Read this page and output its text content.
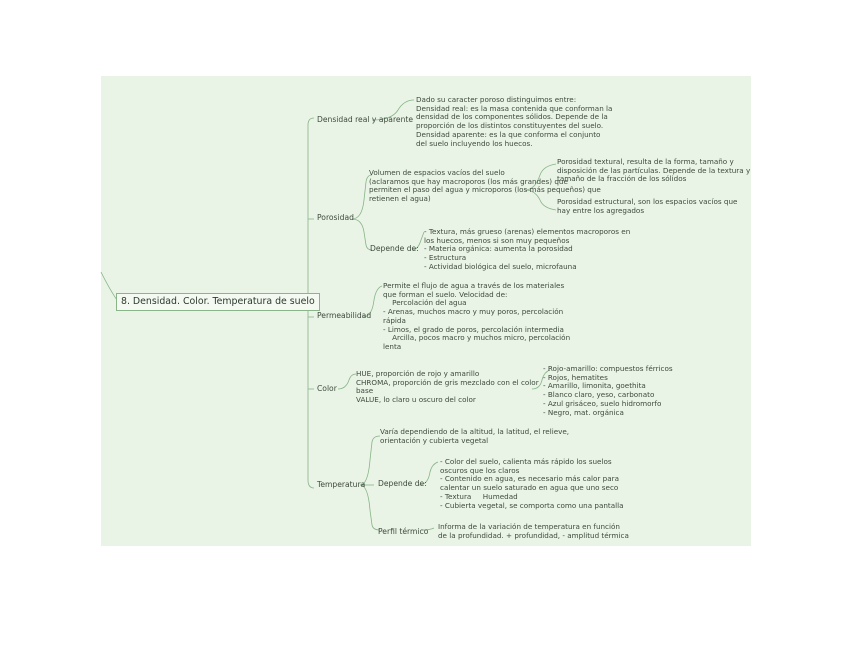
8. Densidad. Color. Temperatura de suelo
Densidad real y aparente
Dado su caracter poroso distinguimos entre:
Densidad real: es la masa contenida que conforman la
densidad de los componentes sólidos. Depende de la
proporción de los distintos constituyentes del suelo.
Densidad aparente: es la que conforma el conjunto
del suelo incluyendo los huecos.
Porosidad
Volumen de espacios vacíos del suelo
(aclaramos que hay macroporos (los más grandes) que
permiten el paso del agua y microporos (los más pequeños) que
retienen el agua)
Porosidad textural, resulta de la forma, tamaño y
disposición de las partículas. Depende de la textura y
tamaño de la fracción de los sólidos
Porosidad estructural, son los espacios vacíos que
hay entre los agregados
Depende de:
- Textura, más grueso (arenas) elementos macroporos en
los huecos, menos si son muy pequeños
- Materia orgánica: aumenta la porosidad
- Estructura
- Actividad biológica del suelo, microfauna
Permeabilidad
Permite el flujo de agua a través de los materiales
que forman el suelo. Velocidad de:
Percolación del agua
- Arenas, muchos macro y muy poros, percolación
rápida
- Limos, el grado de poros, percolación intermedia
Arcilla, pocos macro y muchos micro, percolación
lenta
Color
HUE, proporción de rojo y amarillo
CHROMA, proporción de gris mezclado con el color
base
VALUE, lo claro u oscuro del color
- Rojo-amarillo: compuestos férricos
- Rojos, hematites
- Amarillo, limonita, goethita
- Blanco claro, yeso, carbonato
- Azul grisáceo, suelo hidromorfo
- Negro, mat. orgánica
Temperatura
Varía dependiendo de la altitud, la latitud, el relieve,
orientación y cubierta vegetal
Depende de:
- Color del suelo, calienta más rápido los suelos
oscuros que los claros
- Contenido en agua, es necesario más calor para
calentar un suelo saturado en agua que uno seco
- Textura     Humedad
- Cubierta vegetal, se comporta como una pantalla
Perfil térmico
Informa de la variación de temperatura en función
de la profundidad. + profundidad, - amplitud térmica
